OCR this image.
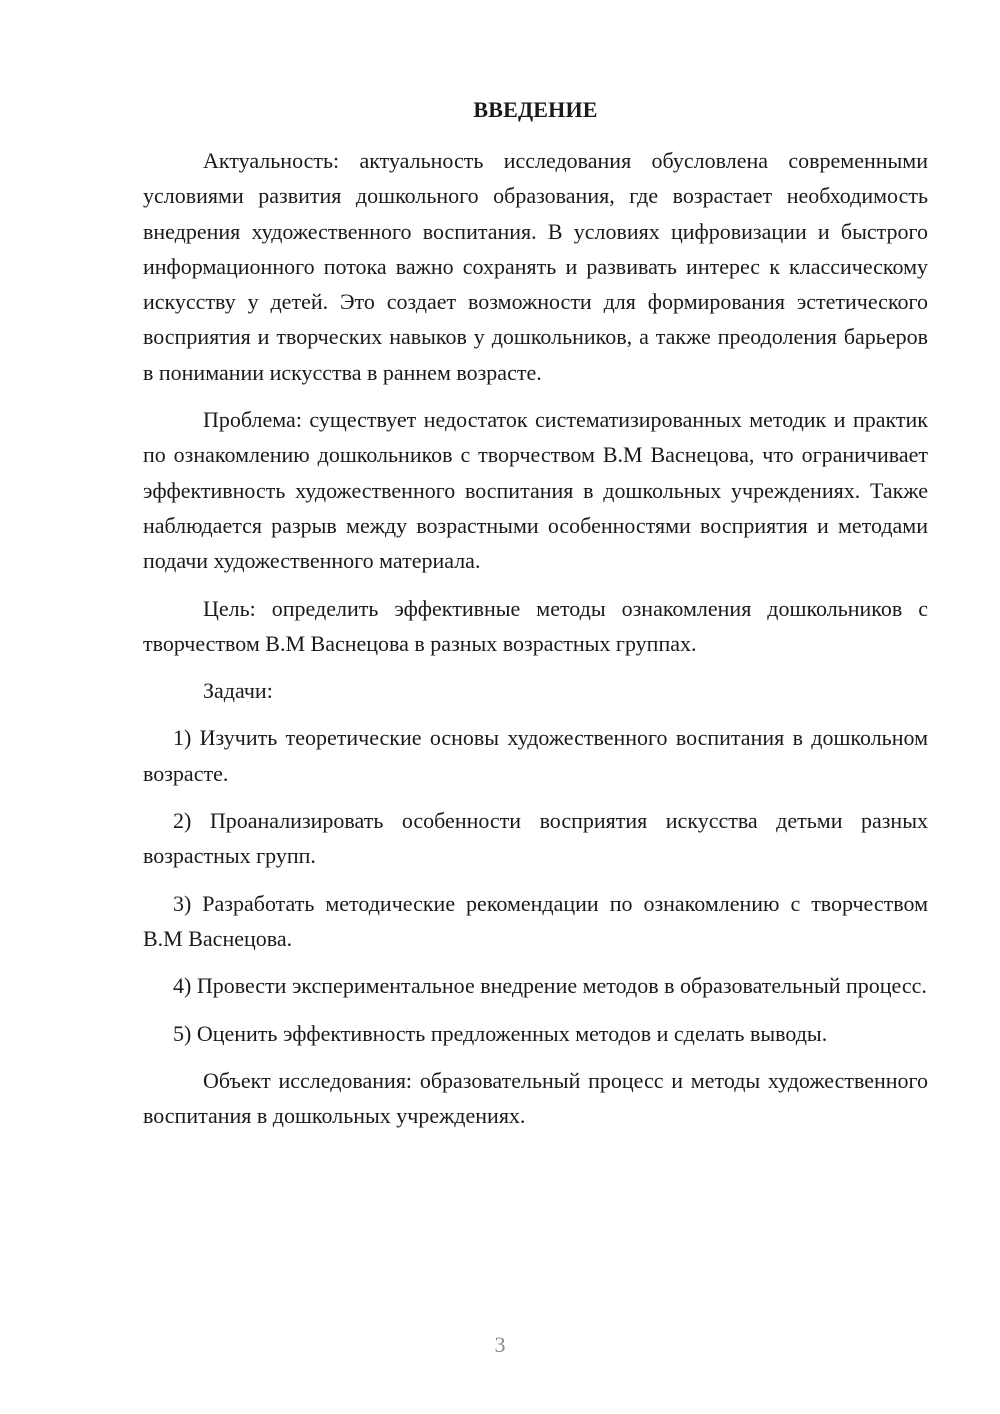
ВВЕДЕНИЕ

Актуальность: актуальность исследования обусловлена современными условиями развития дошкольного образования, где возрастает необходимость внедрения художественного воспитания. В условиях цифровизации и быстрого информационного потока важно сохранять и развивать интерес к классическому искусству у детей. Это создает возможности для формирования эстетического восприятия и творческих навыков у дошкольников, а также преодоления барьеров в понимании искусства в раннем возрасте.

Проблема: существует недостаток систематизированных методик и практик по ознакомлению дошкольников с творчеством В.М Васнецова, что ограничивает эффективность художественного воспитания в дошкольных учреждениях. Также наблюдается разрыв между возрастными особенностями восприятия и методами подачи художественного материала.

Цель: определить эффективные методы ознакомления дошкольников с творчеством В.М Васнецова в разных возрастных группах.

Задачи:

1) Изучить теоретические основы художественного воспитания в дошкольном возрасте.

2) Проанализировать особенности восприятия искусства детьми разных возрастных групп.

3) Разработать методические рекомендации по ознакомлению с творчеством В.М Васнецова.

4) Провести экспериментальное внедрение методов в образовательный процесс.

5) Оценить эффективность предложенных методов и сделать выводы.

Объект исследования: образовательный процесс и методы художественного воспитания в дошкольных учреждениях.

3
